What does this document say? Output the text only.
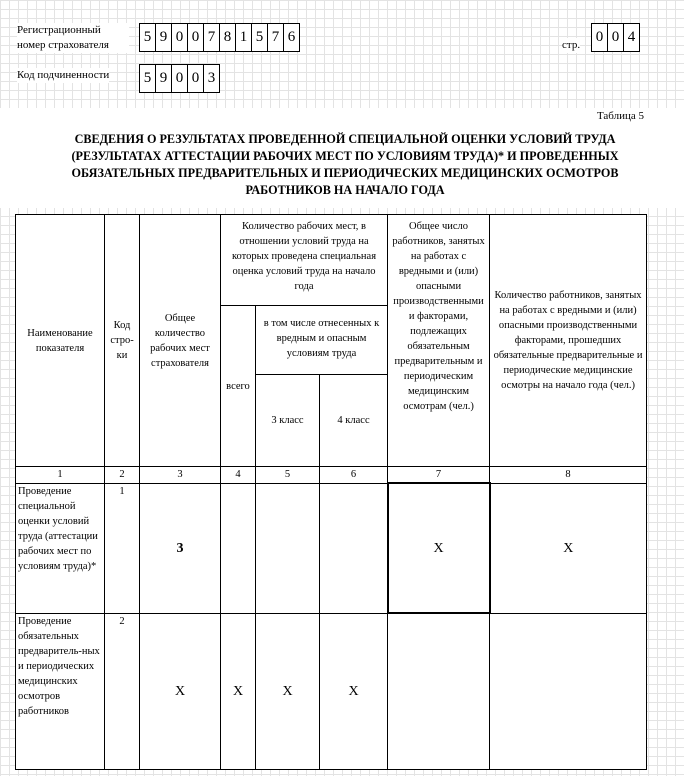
Регистрационный
номер страхователя	5 9 0 0 7 8 1 5 7 6	стр.	0 0 4
Код подчиненности	5 9 0 0 3
Таблица 5
СВЕДЕНИЯ О РЕЗУЛЬТАТАХ ПРОВЕДЕННОЙ СПЕЦИАЛЬНОЙ ОЦЕНКИ УСЛОВИЙ ТРУДА
(РЕЗУЛЬТАТАХ АТТЕСТАЦИИ РАБОЧИХ МЕСТ ПО УСЛОВИЯМ ТРУДА)* И ПРОВЕДЕННЫХ
ОБЯЗАТЕЛЬНЫХ ПРЕДВАРИТЕЛЬНЫХ И ПЕРИОДИЧЕСКИХ МЕДИЦИНСКИХ ОСМОТРОВ
РАБОТНИКОВ НА НАЧАЛО ГОДА
Наименование показателя	Код стро-ки	Общее количество рабочих мест страхователя	Количество рабочих мест, в отношении условий труда на которых проведена специальная оценка условий труда на начало года			Общее число работников, занятых на работах с вредными и (или) опасными производственными и факторами, подлежащих обязательным предварительным и периодическим медицинским осмотрам (чел.)	Количество работников, занятых на работах с вредными и (или) опасными производственными факторами, прошедших обязательные предварительные и периодические медицинские осмотры на начало года (чел.)
			всего	в том числе отнесенных к вредным и опасным условиям труда			
				3 класс	4 класс		
1	2	3	4	5	6	7	8
Проведение специальной оценки условий труда (аттестации рабочих мест по условиям труда)*	1	3				X	X
Проведение обязательных предваритель-ных и периодических медицинских осмотров работников	2	X	X	X	X		
